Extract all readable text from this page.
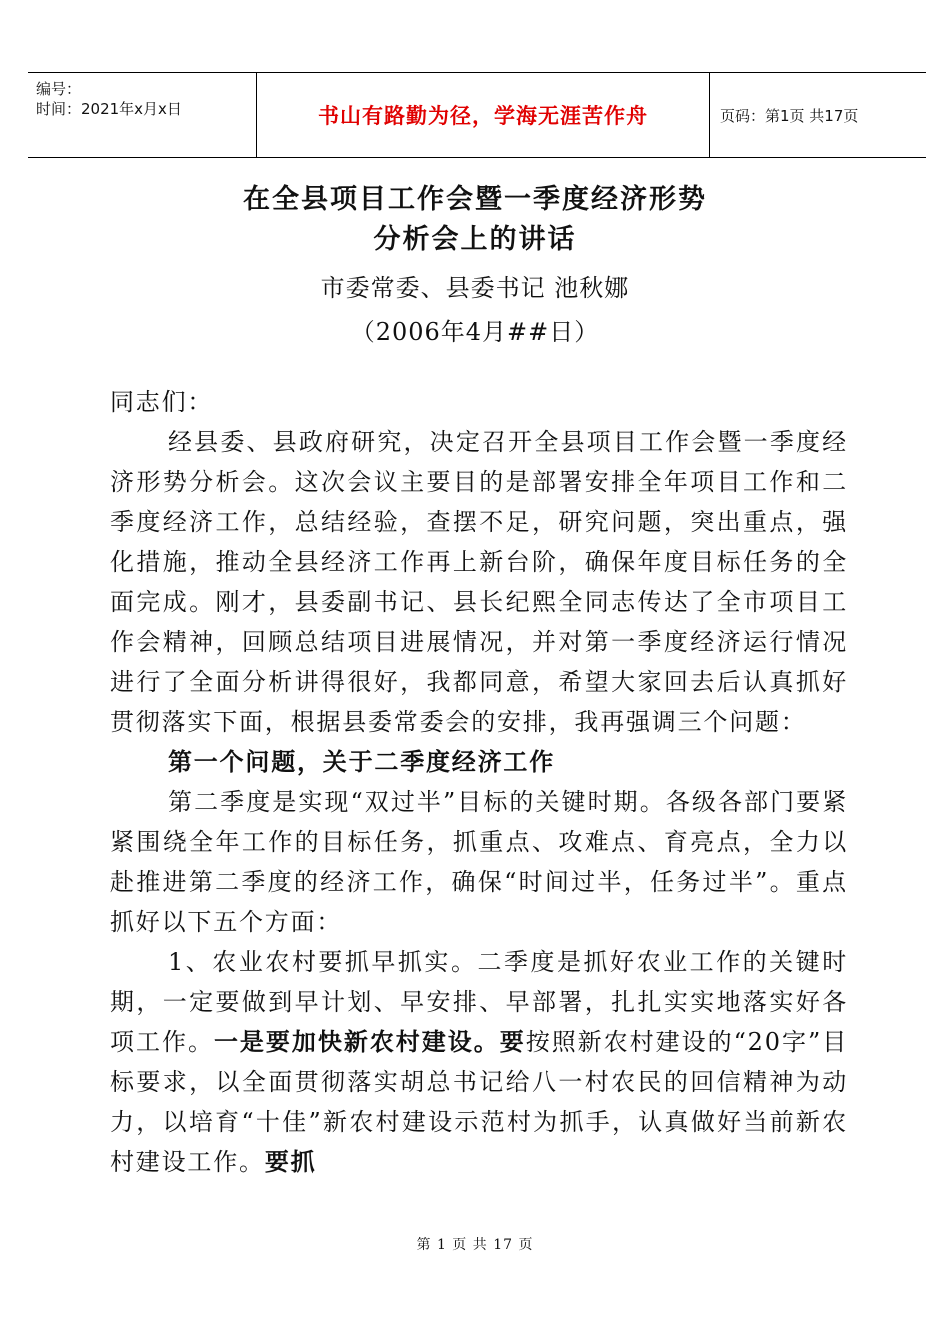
编号：
时间：2021年x月x日	书山有路勤为径，学海无涯苦作舟	页码：第1页 共17页
在全县项目工作会暨一季度经济形势
分析会上的讲话
市委常委、县委书记 池秋娜
（2006年4月##日）

同志们：

经县委、县政府研究，决定召开全县项目工作会暨一季度经济形势分析会。这次会议主要目的是部署安排全年项目工作和二季度经济工作，总结经验，查摆不足，研究问题，突出重点，强化措施，推动全县经济工作再上新台阶，确保年度目标任务的全面完成。刚才，县委副书记、县长纪熙全同志传达了全市项目工作会精神，回顾总结项目进展情况，并对第一季度经济运行情况进行了全面分析讲得很好，我都同意，希望大家回去后认真抓好贯彻落实下面，根据县委常委会的安排，我再强调三个问题：

第一个问题，关于二季度经济工作

第二季度是实现“双过半”目标的关键时期。各级各部门要紧紧围绕全年工作的目标任务，抓重点、攻难点、育亮点，全力以赴推进第二季度的经济工作，确保“时间过半，任务过半”。重点抓好以下五个方面：

1、农业农村要抓早抓实。二季度是抓好农业工作的关键时期，一定要做到早计划、早安排、早部署，扎扎实实地落实好各项工作。一是要加快新农村建设。要按照新农村建设的“20字”目标要求，以全面贯彻落实胡总书记给八一村农民的回信精神为动力，以培育“十佳”新农村建设示范村为抓手，认真做好当前新农村建设工作。要抓

第 1 页 共 17 页
